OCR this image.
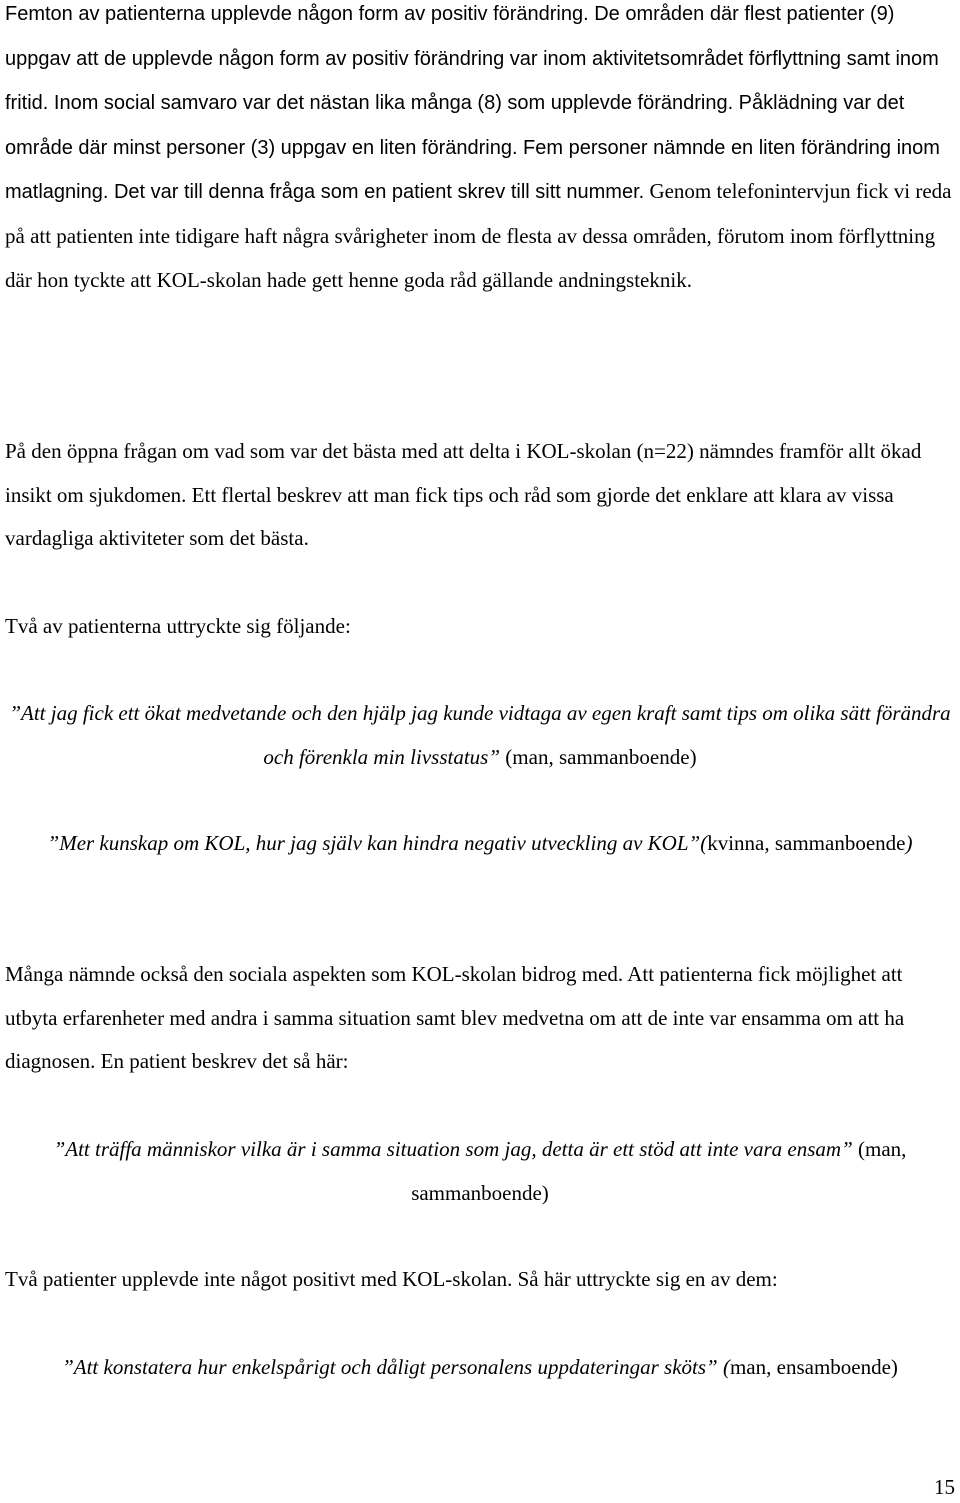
Femton av patienterna upplevde någon form av positiv förändring. De områden där flest patienter (9) uppgav att de upplevde någon form av positiv förändring var inom aktivitetsområdet förflyttning samt inom fritid. Inom social samvaro var det nästan lika många (8) som upplevde förändring. Påklädning var det område där minst personer (3) uppgav en liten förändring. Fem personer nämnde en liten förändring inom matlagning. Det var till denna fråga som en patient skrev till sitt nummer. Genom telefonintervjun fick vi reda på att patienten inte tidigare haft några svårigheter inom de flesta av dessa områden, förutom inom förflyttning där hon tyckte att KOL-skolan hade gett henne goda råd gällande andningsteknik.

På den öppna frågan om vad som var det bästa med att delta i KOL-skolan (n=22) nämndes framför allt ökad insikt om sjukdomen. Ett flertal beskrev att man fick tips och råd som gjorde det enklare att klara av vissa vardagliga aktiviteter som det bästa.

Två av patienterna uttryckte sig följande:

”Att jag fick ett ökat medvetande och den hjälp jag kunde vidtaga av egen kraft samt tips om olika sätt förändra och förenkla min livsstatus” (man, sammanboende)

”Mer kunskap om KOL, hur jag själv kan hindra negativ utveckling av KOL”(kvinna, sammanboende)

Många nämnde också den sociala aspekten som KOL-skolan bidrog med. Att patienterna fick möjlighet att utbyta erfarenheter med andra i samma situation samt blev medvetna om att de inte var ensamma om att ha diagnosen. En patient beskrev det så här:

”Att träffa människor vilka är i samma situation som jag, detta är ett stöd att inte vara ensam” (man, sammanboende)

Två patienter upplevde inte något positivt med KOL-skolan. Så här uttryckte sig en av dem:

”Att konstatera hur enkelspårigt och dåligt personalens uppdateringar sköts” (man, ensamboende)

15
